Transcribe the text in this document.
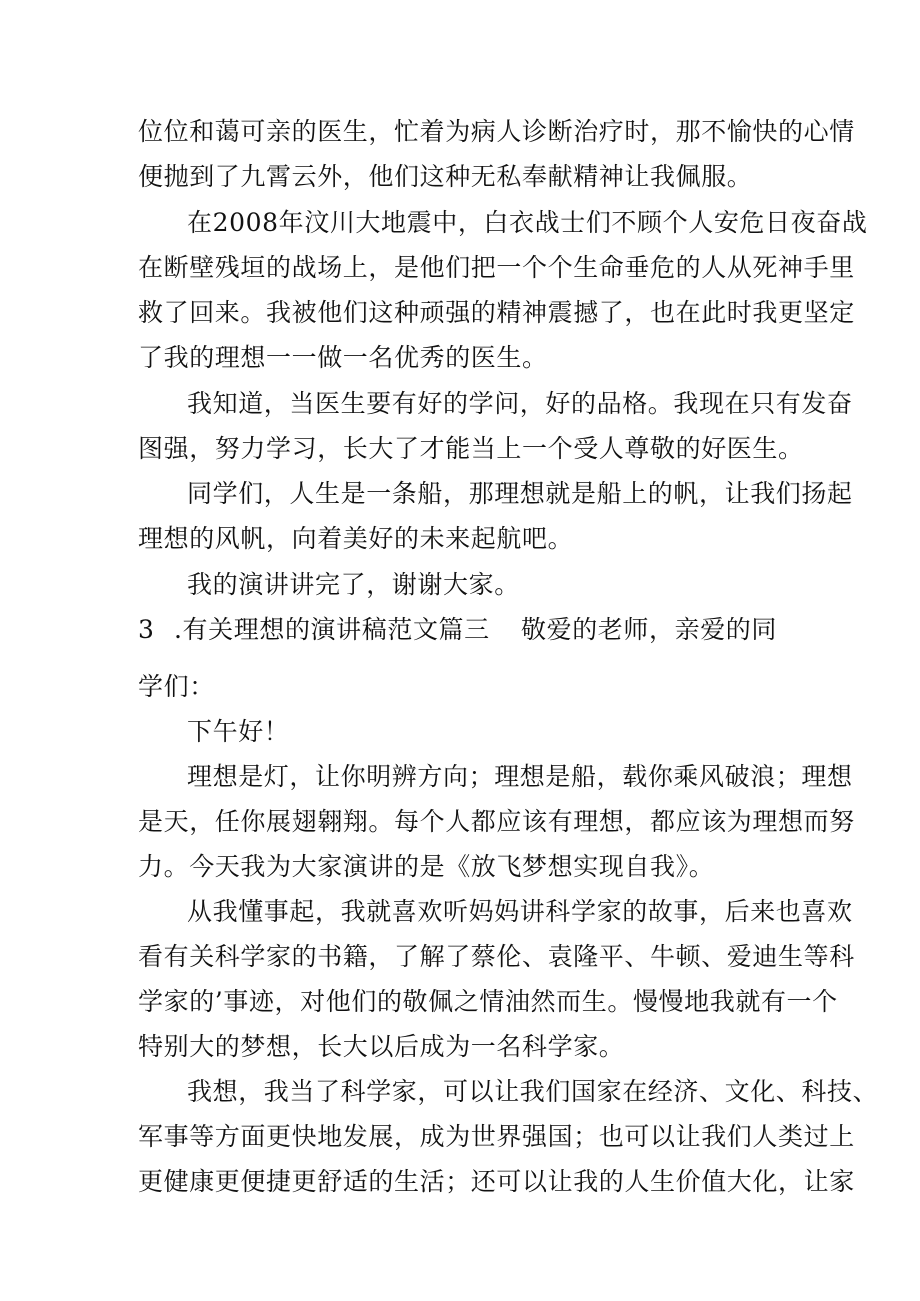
位位和蔼可亲的医生，忙着为病人诊断治疗时，那不愉快的心情
便抛到了九霄云外，他们这种无私奉献精神让我佩服。
在2008年汶川大地震中，白衣战士们不顾个人安危日夜奋战
在断壁残垣的战场上，是他们把一个个生命垂危的人从死神手里
救了回来。我被他们这种顽强的精神震撼了，也在此时我更坚定
了我的理想一一做一名优秀的医生。
我知道，当医生要有好的学问，好的品格。我现在只有发奋
图强，努力学习，长大了才能当上一个受人尊敬的好医生。
同学们，人生是一条船，那理想就是船上的帆，让我们扬起
理想的风帆，向着美好的未来起航吧。
我的演讲讲完了，谢谢大家。
3 .有关理想的演讲稿范文篇三 敬爱的老师，亲爱的同
学们：
下午好！
理想是灯，让你明辨方向；理想是船，载你乘风破浪；理想
是天，任你展翅翱翔。每个人都应该有理想，都应该为理想而努
力。今天我为大家演讲的是《放飞梦想实现自我》。
从我懂事起，我就喜欢听妈妈讲科学家的故事，后来也喜欢
看有关科学家的书籍，了解了蔡伦、袁隆平、牛顿、爱迪生等科
学家的’事迹，对他们的敬佩之情油然而生。慢慢地我就有一个
特别大的梦想，长大以后成为一名科学家。
我想，我当了科学家，可以让我们国家在经济、文化、科技、
军事等方面更快地发展，成为世界强国；也可以让我们人类过上
更健康更便捷更舒适的生活；还可以让我的人生价值大化，让家
